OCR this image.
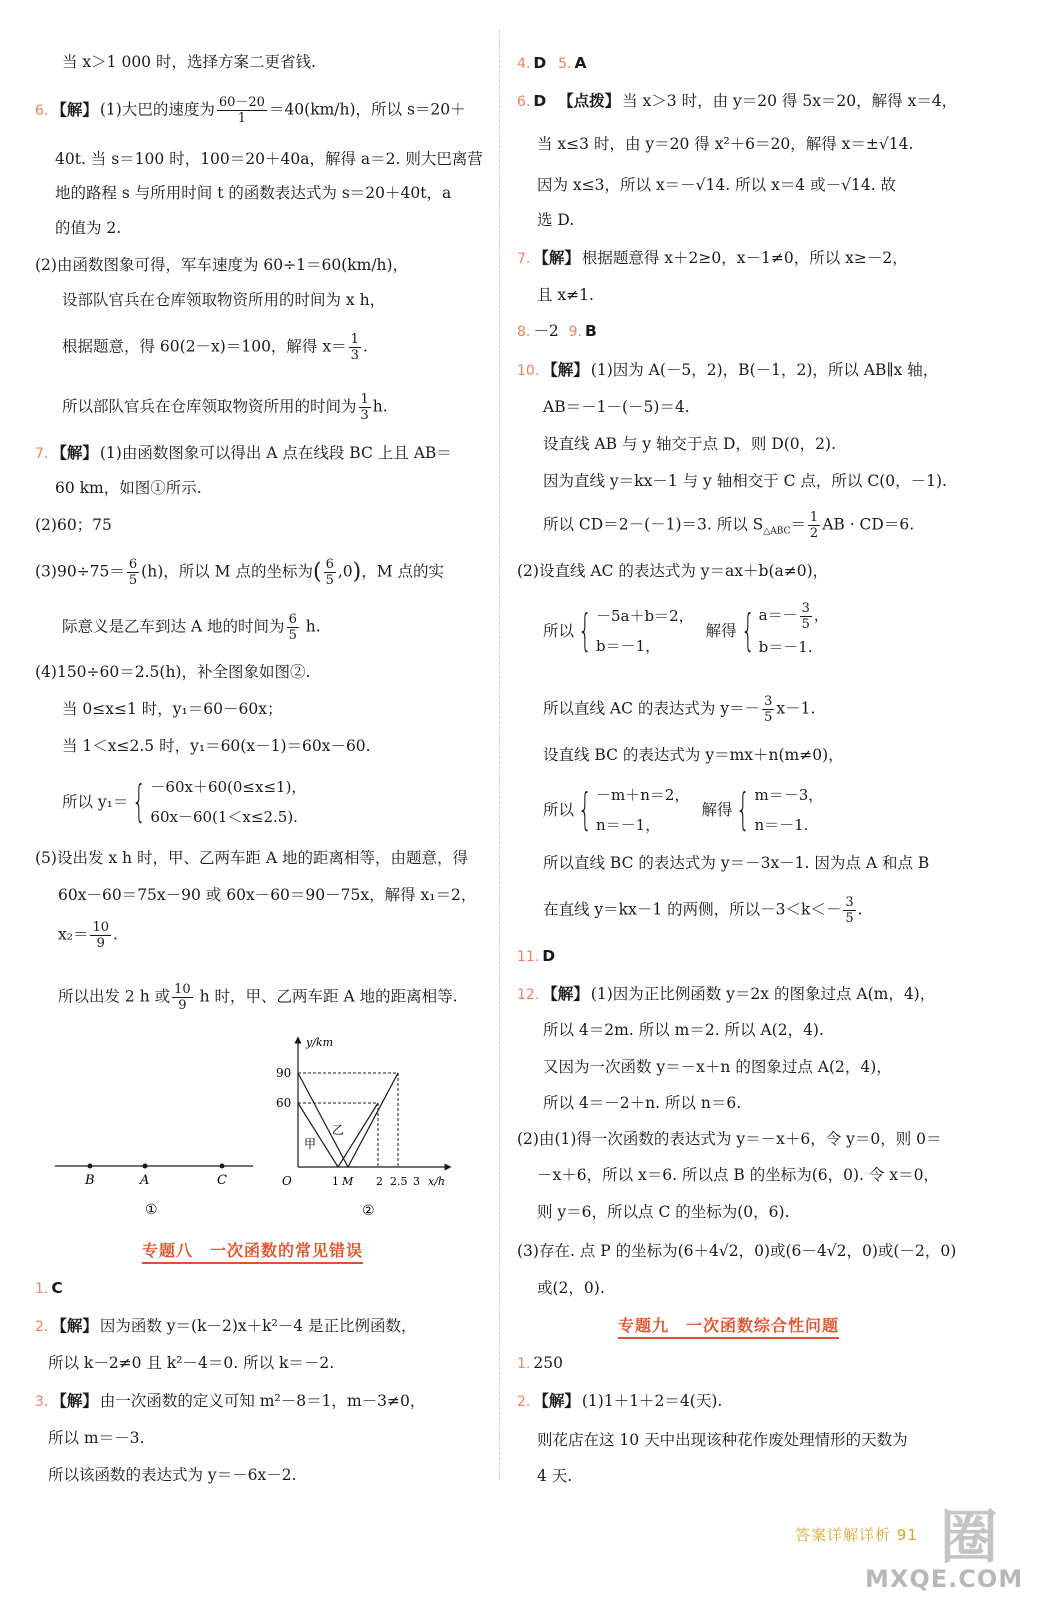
当 x＞1 000 时，选择方案二更省钱.
6. 【解】 (1)大巴的速度为 $\frac{60-20}{1} =40(km/h)$，所以 s＝20＋
40t. 当 s＝100 时，100＝20＋40a，解得 a＝2. 则大巴离营
地的路程 s 与所用时间 t 的函数表达式为 s＝20＋40t，a
的值为 2.
(2)由函数图象可得，军车速度为 60÷1＝60(km/h)，
设部队官兵在仓库领取物资所用的时间为 x h，
根据题意，得 60(2－x)＝100，解得 $x= \frac{1}{3}$ .
所以部队官兵在仓库领取物资所用的时间为 $\frac{1}{3} h$.
7. 【解】 (1)由函数图象可以得出 A 点在线段 BC 上且 AB＝
60 km，如图①所示.
(2)60；75
$(3)90\div 75= \frac{6}{5} (h)$，所以 M 点的坐标为( $\frac{6}{5} ,0$)，M 点的实
际意义是乙车到达 A 地的时间为 $\frac{6}{5} h$.
(4)150÷60＝2.5(h)，补全图象如图②.
当 0≤x≤1 时，y₁＝60－60x；
当 1＜x≤2.5 时，y₁＝60(x－1)＝60x－60.
所以 y₁＝{ －60x＋60(0≤x≤1)，
60x－60(1＜x≤2.5).
(5)设出发 x h 时，甲、乙两车距 A 地的距离相等，由题意，得
60x－60＝75x－90 或 60x－60＝90－75x，解得 x₁＝2，
$x_2= \frac{10}{9}$ .
所以出发 2 h 或 $\frac{10}{9}$ h 时，甲、乙两车距 A 地的距离相等.
B	A	C
①
y/km
x/h
O
90
60
1 M 2 2.5 3
甲
乙
②
专题八　一次函数的常见错误
1. C
2. 【解】 因为函数 y＝(k－2)x＋k²－4 是正比例函数，
所以 k－2≠0 且 k²－4＝0. 所以 k＝－2.
3. 【解】 由一次函数的定义可知 m²－8＝1，m－3≠0，
所以 m＝－3.
所以该函数的表达式为 y＝－6x－2.
4. D 5. A
6. D 【点拨】 当 x＞3 时，由 y＝20 得 5x＝20，解得 x＝4，
当 x≤3 时，由 y＝20 得 x²＋6＝20，解得 x＝±√14.
因为 x≤3，所以 x＝－√14. 所以 x＝4 或－√14. 故
选 D.
7. 【解】 根据题意得 x＋2≥0，x－1≠0，所以 x≥－2，
且 x≠1.
8. －2 9. B
10. 【解】 (1)因为 A(－5，2)，B(－1，2)，所以 AB∥x 轴，
AB＝－1－(－5)＝4.
设直线 AB 与 y 轴交于点 D，则 D(0，2).
因为直线 y＝kx－1 与 y 轴相交于 C 点，所以 C(0，－1).
所以 CD＝2－(－1)＝3. 所以 $S_{\triangle ABC}= \frac{1}{2}$ AB · CD＝6.
(2)设直线 AC 的表达式为 y＝ax＋b(a≠0)，
所以{ －5a＋b＝2，
b＝－1，
解得{ $a=- \frac{3}{5}$ ，
b＝－1.
所以直线 AC 的表达式为 $y=- \frac{3}{5} x-1$.
设直线 BC 的表达式为 y＝mx＋n(m≠0)，
所以{ －m＋n＝2，
n＝－1，
解得{ m＝－3，
n＝－1.
所以直线 BC 的表达式为 y＝－3x－1. 因为点 A 和点 B
在直线 y＝kx－1 的两侧，所以$-3<k<- \frac{3}{5}$ .
11. D
12. 【解】 (1)因为正比例函数 y＝2x 的图象过点 A(m，4)，
所以 4＝2m. 所以 m＝2. 所以 A(2，4).
又因为一次函数 y＝－x＋n 的图象过点 A(2，4)，
所以 4＝－2＋n. 所以 n＝6.
(2)由(1)得一次函数的表达式为 y＝－x＋6，令 y＝0，则 0＝
－x＋6，所以 x＝6. 所以点 B 的坐标为(6，0). 令 x＝0，
则 y＝6，所以点 C 的坐标为(0，6).
(3)存在. 点 P 的坐标为(6＋4√2，0)或(6－4√2，0)或(－2，0)
或(2，0).
专题九　一次函数综合性问题
1. 250
2. 【解】 (1)1＋1＋2＝4(天).
则花店在这 10 天中出现该种花作废处理情形的天数为
4 天.
答案详解详析 91 圈
MXQE.COM
